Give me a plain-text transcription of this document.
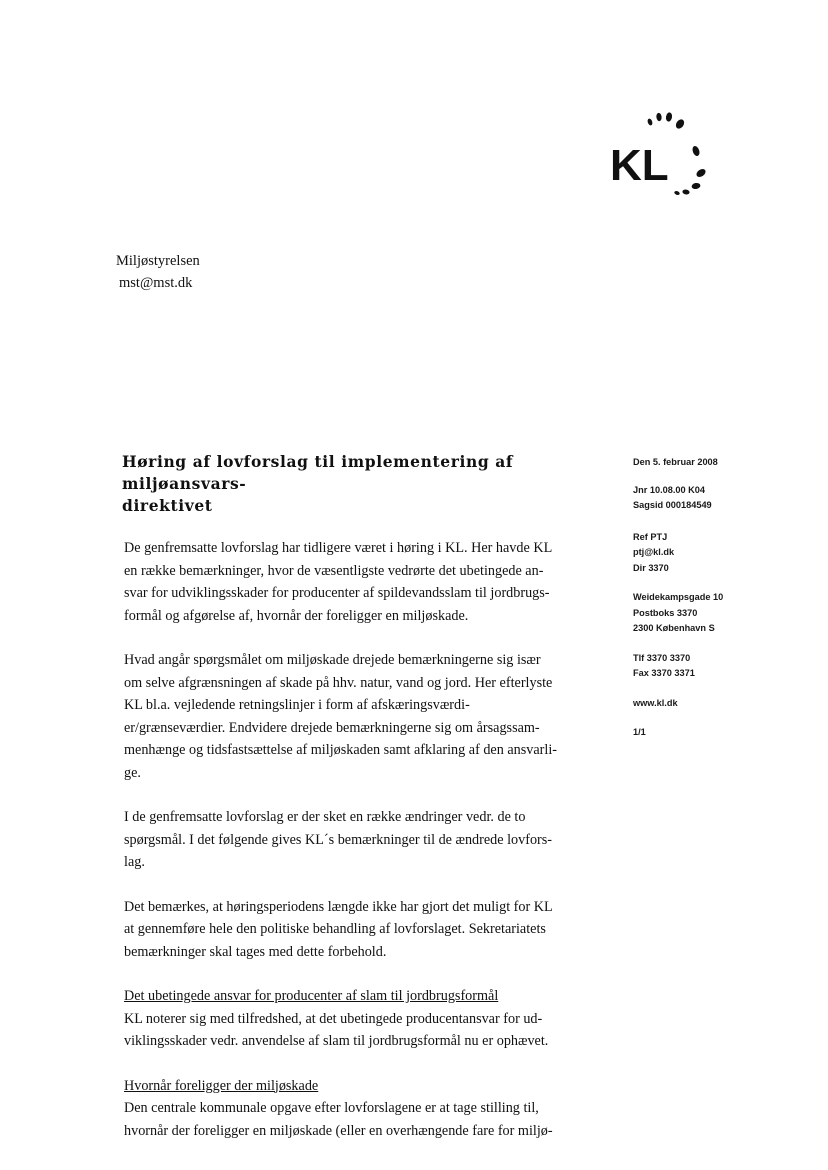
KL
Miljøstyrelsen
mst@mst.dk
Høring af lovforslag til implementering af miljøansvars-
direktivet
Den 5. februar 2008
Jnr 10.08.00 K04
Sagsid 000184549
Ref PTJ
ptj@kl.dk
Dir 3370
Weidekampsgade 10
Postboks 3370
2300 København S
Tlf 3370 3370
Fax 3370 3371
www.kl.dk
1/1
De genfremsatte lovforslag har tidligere været i høring i KL. Her havde KL
en række bemærkninger, hvor de væsentligste vedrørte det ubetingede an-
svar for udviklingsskader for producenter af spildevandsslam til jordbrugs-
formål og afgørelse af, hvornår der foreligger en miljøskade.
Hvad angår spørgsmålet om miljøskade drejede bemærkningerne sig især
om selve afgrænsningen af skade på hhv. natur, vand og jord. Her efterlyste
KL bl.a. vejledende retningslinjer i form af afskæringsværdi-
er/grænseværdier. Endvidere drejede bemærkningerne sig om årsagssam-
menhænge og tidsfastsættelse af miljøskaden samt afklaring af den ansvarli-
ge.
I de genfremsatte lovforslag er der sket en række ændringer vedr. de to
spørgsmål. I det følgende gives KL´s bemærkninger til de ændrede lovfors-
lag.
Det bemærkes, at høringsperiodens længde ikke har gjort det muligt for KL
at gennemføre hele den politiske behandling af lovforslaget. Sekretariatets
bemærkninger skal tages med dette forbehold.
Det ubetingede ansvar for producenter af slam til jordbrugsformål
KL noterer sig med tilfredshed, at det ubetingede producentansvar for ud-
viklingsskader vedr. anvendelse af slam til jordbrugsformål nu er ophævet.
Hvornår foreligger der miljøskade
Den centrale kommunale opgave efter lovforslagene er at tage stilling til,
hvornår der foreligger en miljøskade (eller en overhængende fare for miljø-
